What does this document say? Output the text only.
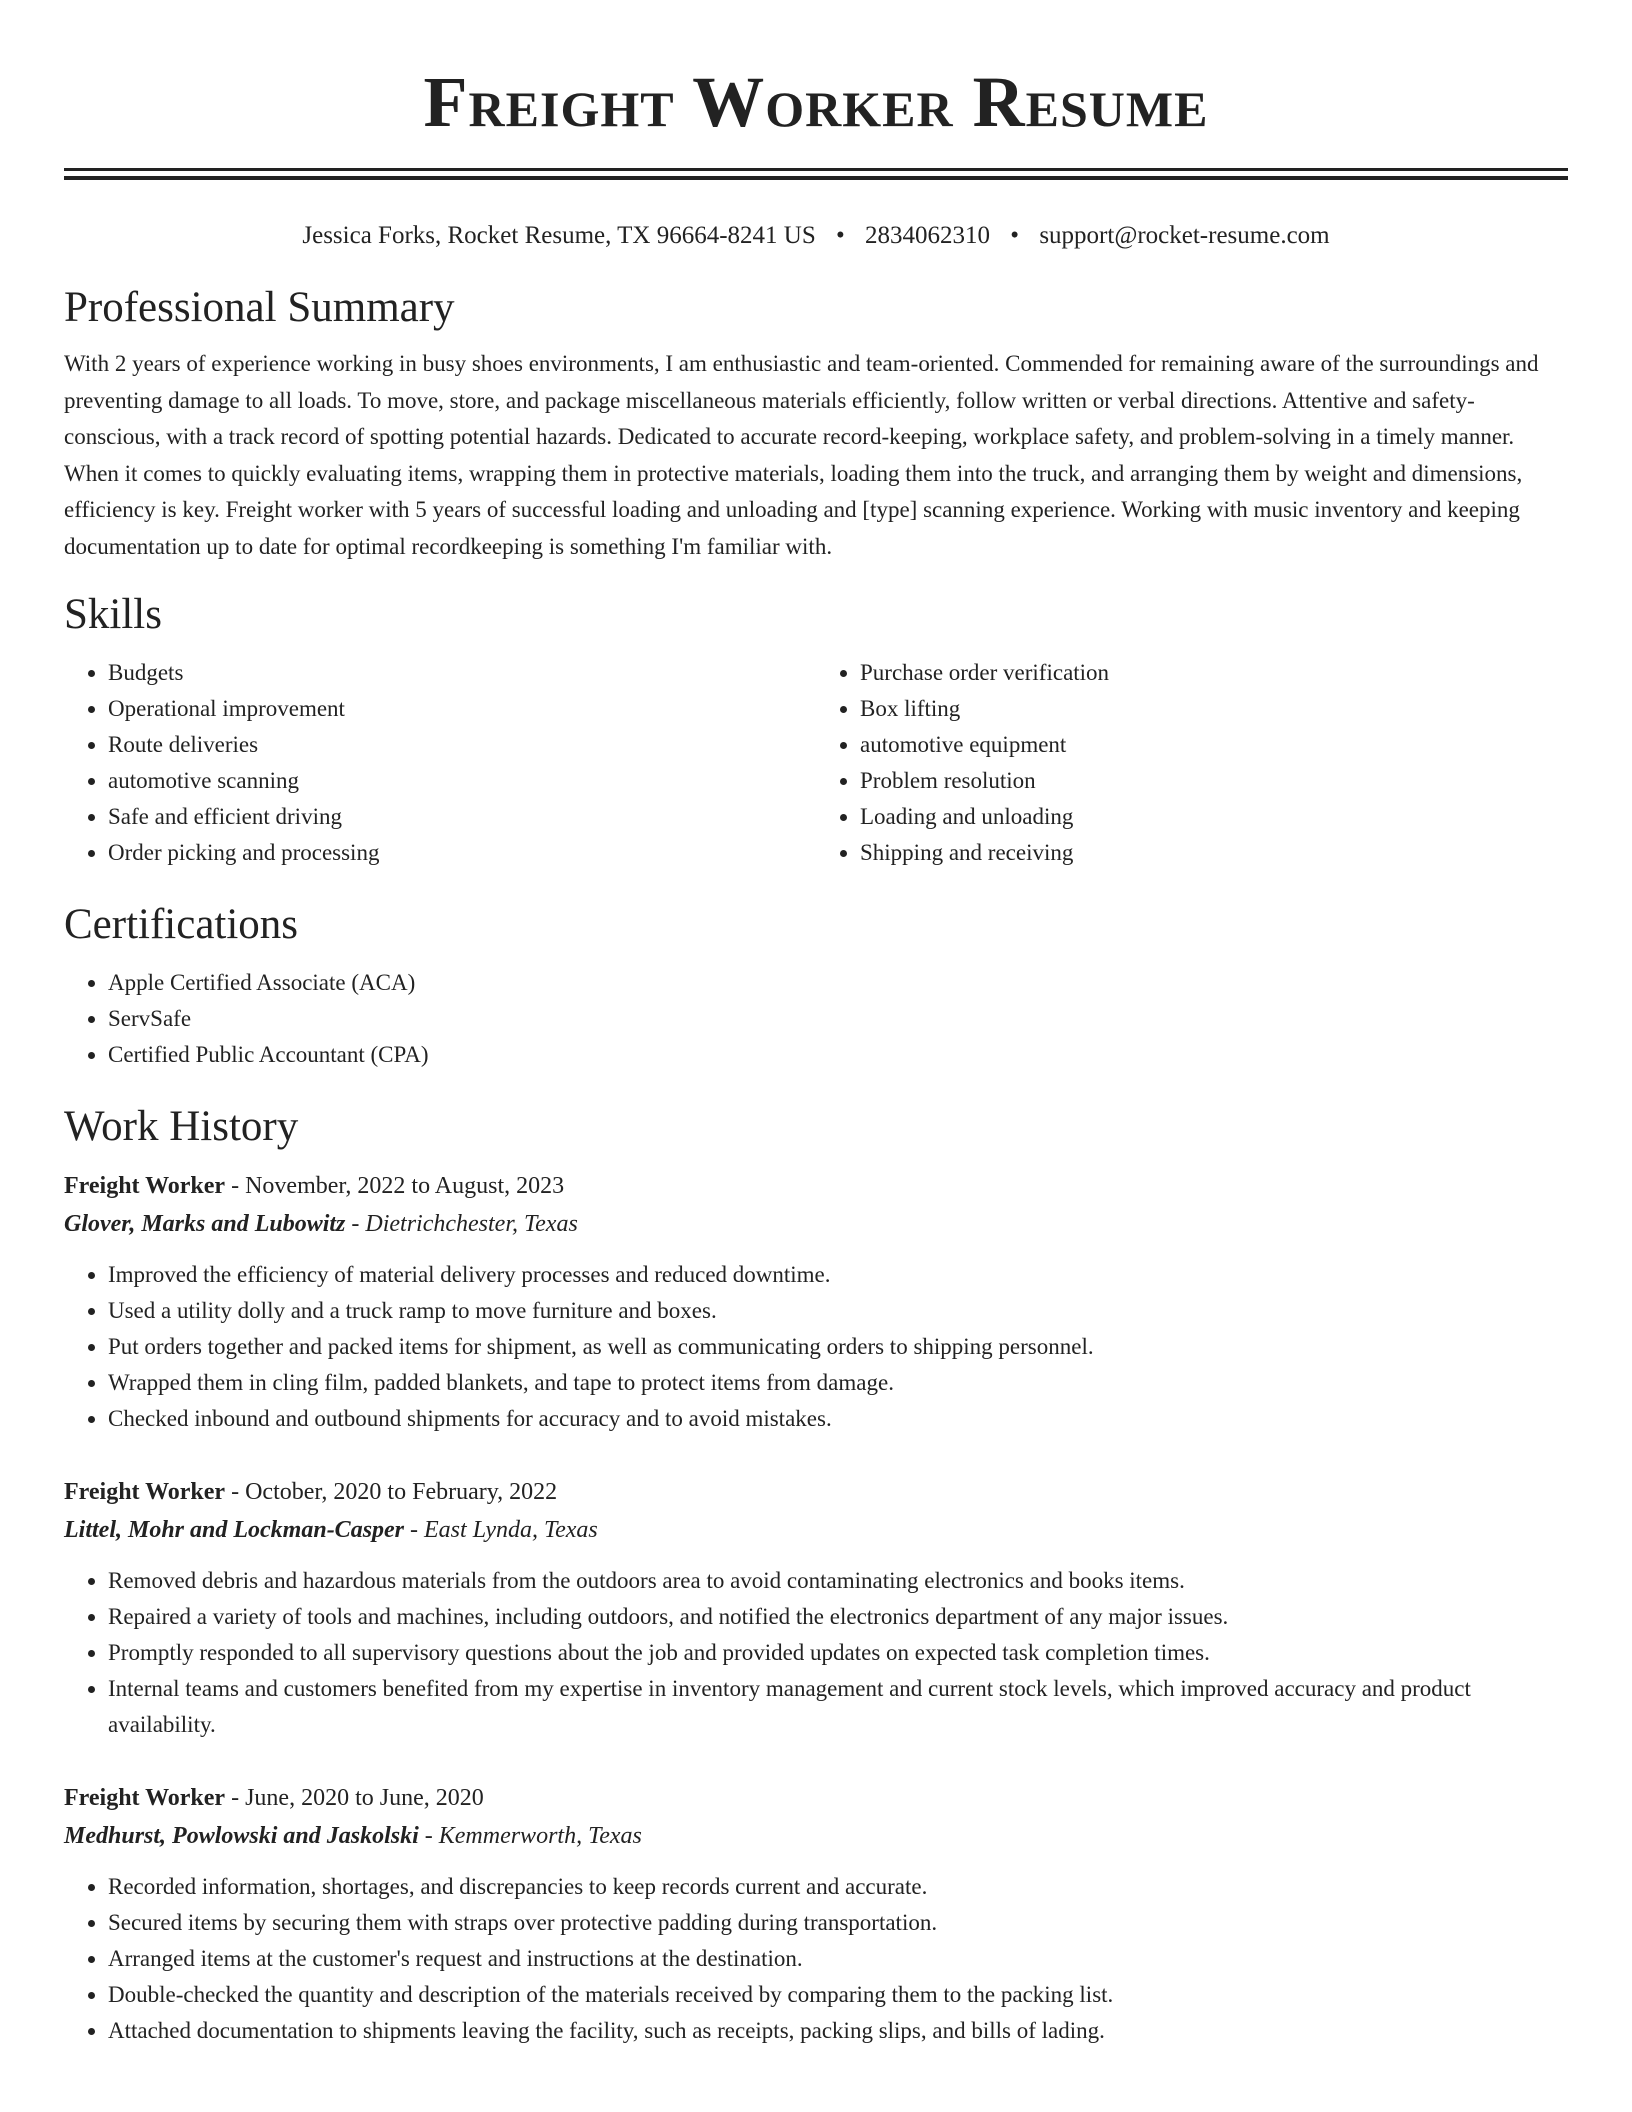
Freight Worker Resume
Jessica Forks, Rocket Resume, TX 96664-8241 US • 2834062310 • support@rocket-resume.com
Professional Summary

With 2 years of experience working in busy shoes environments, I am enthusiastic and team-oriented. Commended for remaining aware of the surroundings and preventing damage to all loads. To move, store, and package miscellaneous materials efficiently, follow written or verbal directions. Attentive and safety-conscious, with a track record of spotting potential hazards. Dedicated to accurate record-keeping, workplace safety, and problem-solving in a timely manner. When it comes to quickly evaluating items, wrapping them in protective materials, loading them into the truck, and arranging them by weight and dimensions, efficiency is key. Freight worker with 5 years of successful loading and unloading and [type] scanning experience. Working with music inventory and keeping documentation up to date for optimal recordkeeping is something I'm familiar with.

Skills
• Budgets
• Operational improvement
• Route deliveries
• automotive scanning
• Safe and efficient driving
• Order picking and processing
• Purchase order verification
• Box lifting
• automotive equipment
• Problem resolution
• Loading and unloading
• Shipping and receiving
Certifications
• Apple Certified Associate (ACA)
• ServSafe
• Certified Public Accountant (CPA)
Work History
Freight Worker - November, 2022 to August, 2023
Glover, Marks and Lubowitz - Dietrichchester, Texas
• Improved the efficiency of material delivery processes and reduced downtime.
• Used a utility dolly and a truck ramp to move furniture and boxes.
• Put orders together and packed items for shipment, as well as communicating orders to shipping personnel.
• Wrapped them in cling film, padded blankets, and tape to protect items from damage.
• Checked inbound and outbound shipments for accuracy and to avoid mistakes.
Freight Worker - October, 2020 to February, 2022
Littel, Mohr and Lockman-Casper - East Lynda, Texas
• Removed debris and hazardous materials from the outdoors area to avoid contaminating electronics and books items.
• Repaired a variety of tools and machines, including outdoors, and notified the electronics department of any major issues.
• Promptly responded to all supervisory questions about the job and provided updates on expected task completion times.
• Internal teams and customers benefited from my expertise in inventory management and current stock levels, which improved accuracy and product availability.
Freight Worker - June, 2020 to June, 2020
Medhurst, Powlowski and Jaskolski - Kemmerworth, Texas
• Recorded information, shortages, and discrepancies to keep records current and accurate.
• Secured items by securing them with straps over protective padding during transportation.
• Arranged items at the customer's request and instructions at the destination.
• Double-checked the quantity and description of the materials received by comparing them to the packing list.
• Attached documentation to shipments leaving the facility, such as receipts, packing slips, and bills of lading.
